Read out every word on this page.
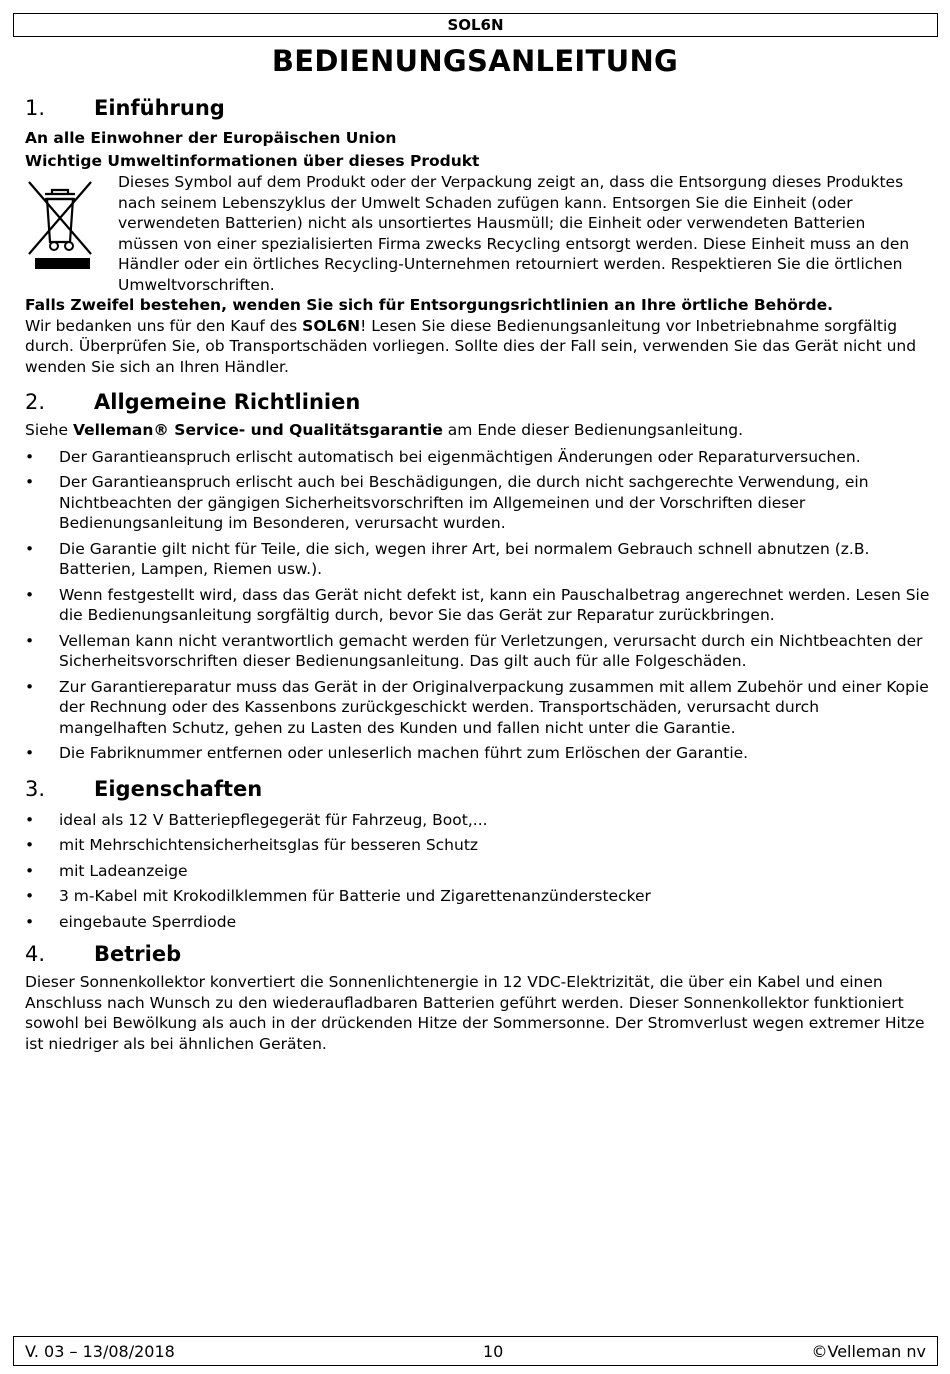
SOL6N
BEDIENUNGSANLEITUNG
1.	Einführung

An alle Einwohner der Europäischen Union

Wichtige Umweltinformationen über dieses Produkt

Dieses Symbol auf dem Produkt oder der Verpackung zeigt an, dass die Entsorgung dieses Produktes nach seinem Lebenszyklus der Umwelt Schaden zufügen kann. Entsorgen Sie die Einheit (oder verwendeten Batterien) nicht als unsortiertes Hausmüll; die Einheit oder verwendeten Batterien müssen von einer spezialisierten Firma zwecks Recycling entsorgt werden. Diese Einheit muss an den Händler oder ein örtliches Recycling-Unternehmen retourniert werden. Respektieren Sie die örtlichen Umweltvorschriften.

Falls Zweifel bestehen, wenden Sie sich für Entsorgungsrichtlinien an Ihre örtliche Behörde.

Wir bedanken uns für den Kauf des SOL6N! Lesen Sie diese Bedienungsanleitung vor Inbetriebnahme sorgfältig durch. Überprüfen Sie, ob Transportschäden vorliegen. Sollte dies der Fall sein, verwenden Sie das Gerät nicht und wenden Sie sich an Ihren Händler.

2.	Allgemeine Richtlinien

Siehe Velleman® Service- und Qualitätsgarantie am Ende dieser Bedienungsanleitung.

• Der Garantieanspruch erlischt automatisch bei eigenmächtigen Änderungen oder Reparaturversuchen.
• Der Garantieanspruch erlischt auch bei Beschädigungen, die durch nicht sachgerechte Verwendung, ein Nichtbeachten der gängigen Sicherheitsvorschriften im Allgemeinen und der Vorschriften dieser Bedienungsanleitung im Besonderen, verursacht wurden.
• Die Garantie gilt nicht für Teile, die sich, wegen ihrer Art, bei normalem Gebrauch schnell abnutzen (z.B. Batterien, Lampen, Riemen usw.).
• Wenn festgestellt wird, dass das Gerät nicht defekt ist, kann ein Pauschalbetrag angerechnet werden. Lesen Sie die Bedienungsanleitung sorgfältig durch, bevor Sie das Gerät zur Reparatur zurückbringen.
• Velleman kann nicht verantwortlich gemacht werden für Verletzungen, verursacht durch ein Nichtbeachten der Sicherheitsvorschriften dieser Bedienungsanleitung. Das gilt auch für alle Folgeschäden.
• Zur Garantiereparatur muss das Gerät in der Originalverpackung zusammen mit allem Zubehör und einer Kopie der Rechnung oder des Kassenbons zurückgeschickt werden. Transportschäden, verursacht durch mangelhaften Schutz, gehen zu Lasten des Kunden und fallen nicht unter die Garantie.
• Die Fabriknummer entfernen oder unleserlich machen führt zum Erlöschen der Garantie.
3.	Eigenschaften
• ideal als 12 V Batteriepflegegerät für Fahrzeug, Boot,...
• mit Mehrschichtensicherheitsglas für besseren Schutz
• mit Ladeanzeige
• 3 m-Kabel mit Krokodilklemmen für Batterie und Zigarettenanzünderstecker
• eingebaute Sperrdiode
4.	Betrieb

Dieser Sonnenkollektor konvertiert die Sonnenlichtenergie in 12 VDC-Elektrizität, die über ein Kabel und einen Anschluss nach Wunsch zu den wiederaufladbaren Batterien geführt werden. Dieser Sonnenkollektor funktioniert sowohl bei Bewölkung als auch in der drückenden Hitze der Sommersonne. Der Stromverlust wegen extremer Hitze ist niedriger als bei ähnlichen Geräten.

V. 03 – 13/08/2018	10	©Velleman nv
